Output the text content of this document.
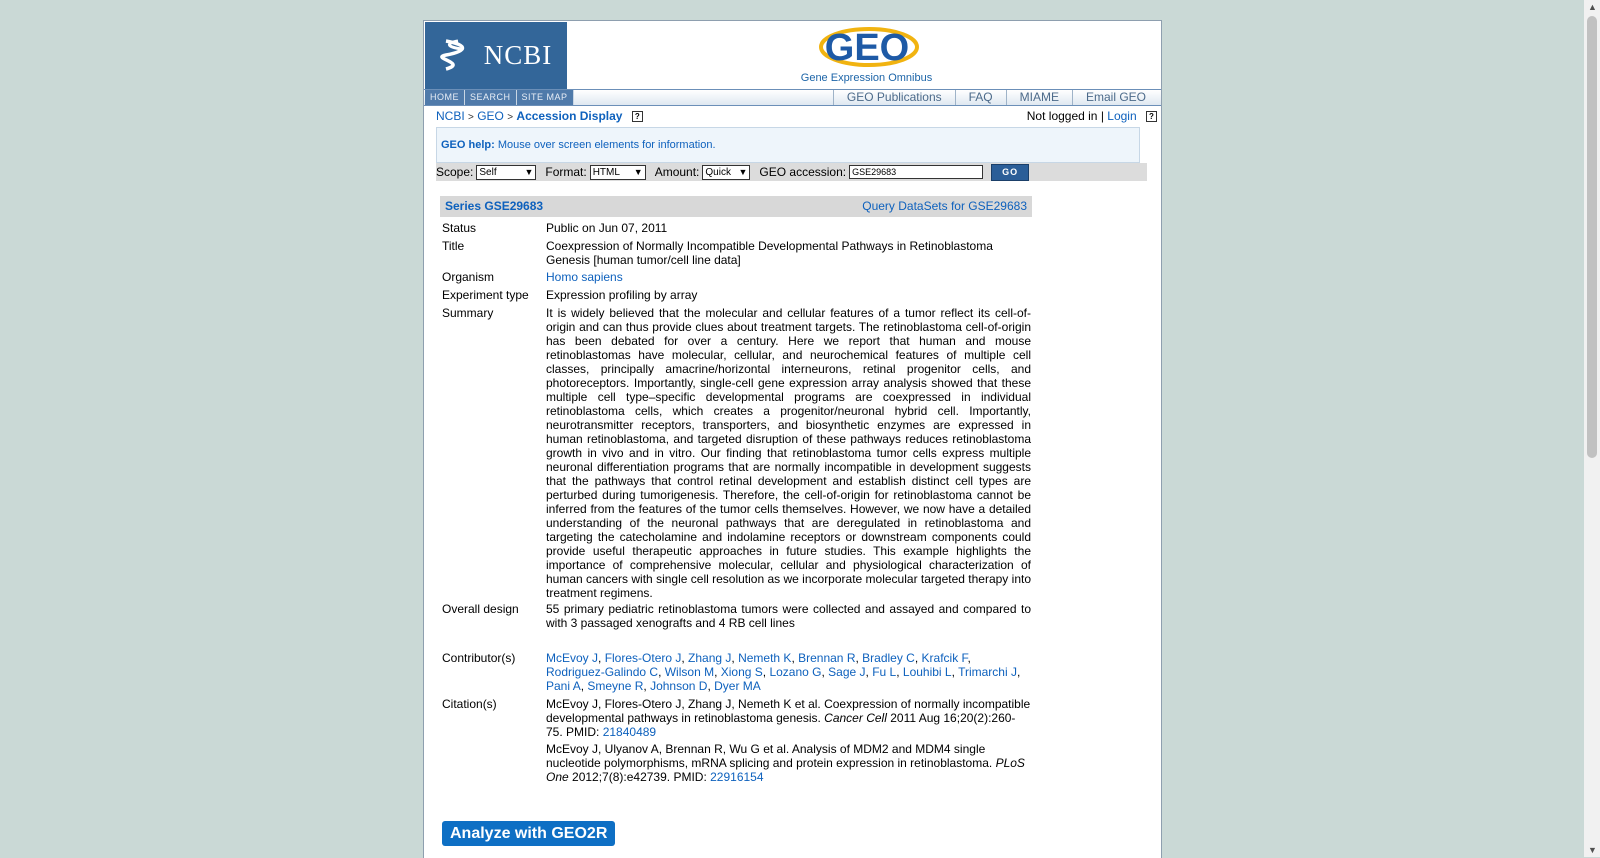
NCBI	GEO
Gene Expression Omnibus
HOME	SEARCH	SITE MAP	GEO Publications	FAQ	MIAME	Email GEO
NCBI > GEO > Accession Display ?	Not logged in | Login ?
GEO help: Mouse over screen elements for information.
Scope: Self	▼ Format: HTML ▼ Amount: Quick ▼ GEO accession:
GSE29683	GO
Series GSE29683	Query DataSets for GSE29683
Status	Public on Jun 07, 2011
Title	Coexpression of Normally Incompatible Developmental Pathways in Retinoblastoma Genesis [human tumor/cell line data]
Organism	Homo sapiens
Experiment type	Expression profiling by array
Summary	It is widely believed that the molecular and cellular features of a tumor reflect its cell-of-origin and can thus provide clues about treatment targets. The retinoblastoma cell-of-origin has been debated for over a century. Here we report that human and mouse retinoblastomas have molecular, cellular, and neurochemical features of multiple cell classes, principally amacrine/horizontal interneurons, retinal progenitor cells, and photoreceptors. Importantly, single-cell gene expression array analysis showed that these multiple cell type–specific developmental programs are coexpressed in individual retinoblastoma cells, which creates a progenitor/neuronal hybrid cell. Importantly, neurotransmitter receptors, transporters, and biosynthetic enzymes are expressed in human retinoblastoma, and targeted disruption of these pathways reduces retinoblastoma growth in vivo and in vitro. Our finding that retinoblastoma tumor cells express multiple neuronal differentiation programs that are normally incompatible in development suggests that the pathways that control retinal development and establish distinct cell types are perturbed during tumorigenesis. Therefore, the cell-of-origin for retinoblastoma cannot be inferred from the features of the tumor cells themselves. However, we now have a detailed understanding of the neuronal pathways that are deregulated in retinoblastoma and targeting the catecholamine and indolamine receptors or downstream components could provide useful therapeutic approaches in future studies. This example highlights the importance of comprehensive molecular, cellular and physiological characterization of human cancers with single cell resolution as we incorporate molecular targeted therapy into treatment regimens.
Overall design	55 primary pediatric retinoblastoma tumors were collected and assayed and compared to with 3 passaged xenografts and 4 RB cell lines
Contributor(s)	McEvoy J, Flores-Otero J, Zhang J, Nemeth K, Brennan R, Bradley C, Krafcik F, Rodriguez-Galindo C, Wilson M, Xiong S, Lozano G, Sage J, Fu L, Louhibi L, Trimarchi J, Pani A, Smeyne R, Johnson D, Dyer MA
Citation(s)	McEvoy J, Flores-Otero J, Zhang J, Nemeth K et al. Coexpression of normally incompatible developmental pathways in retinoblastoma genesis. Cancer Cell 2011 Aug 16;20(2):260-75. PMID: 21840489
McEvoy J, Ulyanov A, Brennan R, Wu G et al. Analysis of MDM2 and MDM4 single nucleotide polymorphisms, mRNA splicing and protein expression in retinoblastoma. PLoS One 2012;7(8):e42739. PMID: 22916154
Analyze with GEO2R
▲
▼
